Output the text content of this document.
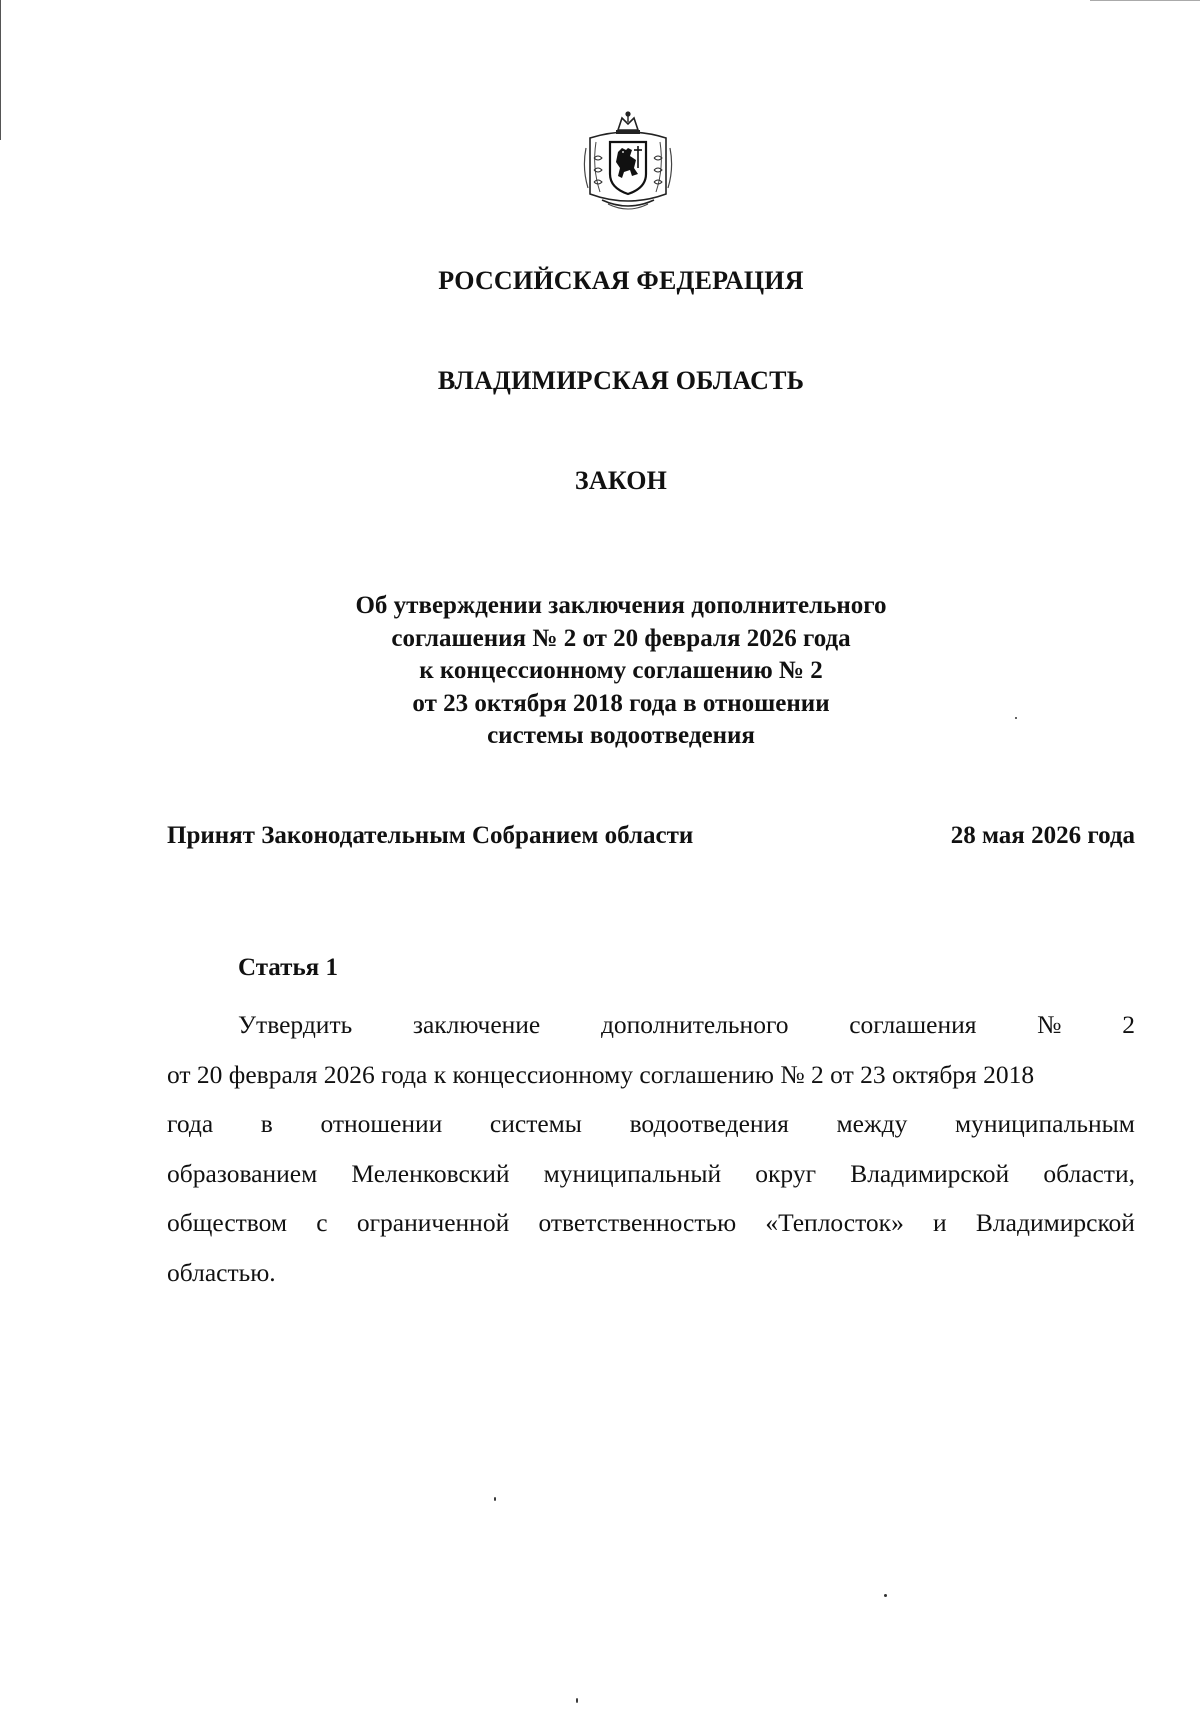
РОССИЙСКАЯ ФЕДЕРАЦИЯ
ВЛАДИМИРСКАЯ ОБЛАСТЬ
ЗАКОН
Об утверждении заключения дополнительного
соглашения № 2 от 20 февраля 2026 года
к концессионному соглашению № 2
от 23 октября 2018 года в отношении
системы водоотведения
Принят Законодательным Собранием области	28 мая 2026 года
Статья 1
Утвердить заключение дополнительного соглашения № 2
от 20 февраля 2026 года к концессионному соглашению № 2 от 23 октября 2018
года в отношении системы водоотведения между муниципальным
образованием Меленковский муниципальный округ Владимирской области,
обществом с ограниченной ответственностью «Теплосток» и Владимирской
областью.
